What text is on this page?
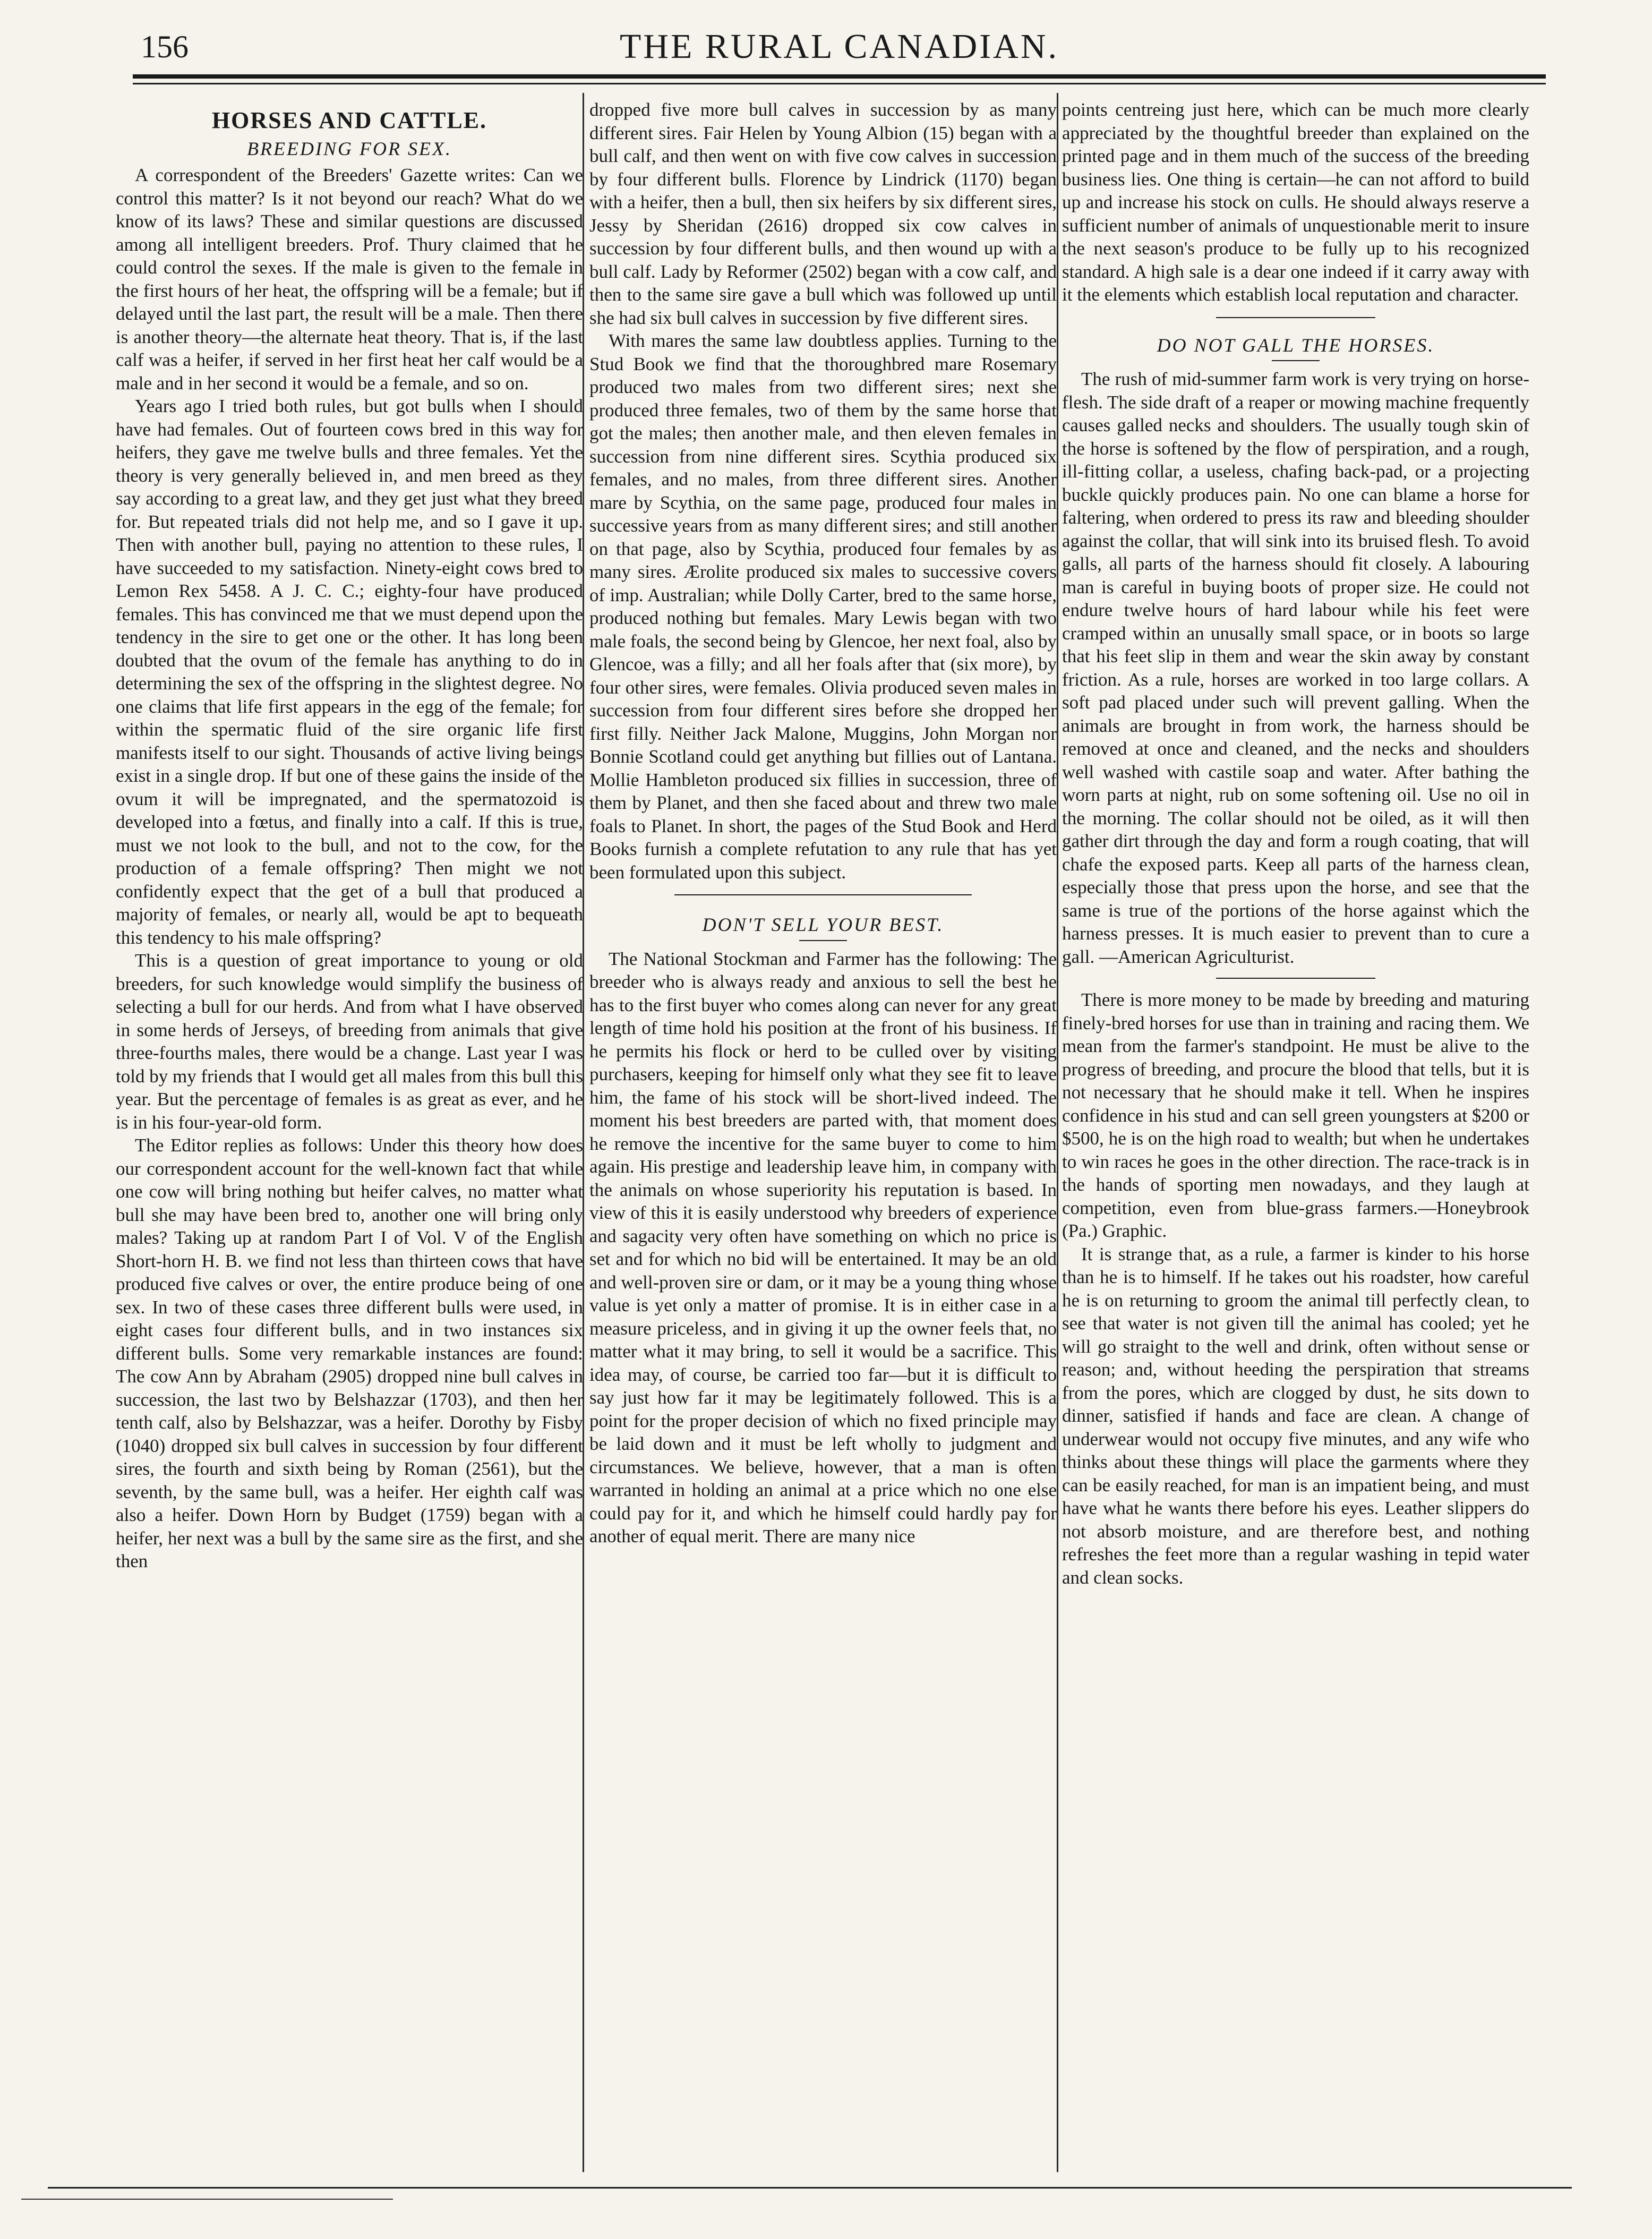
156	THE RURAL CANADIAN.
HORSES AND CATTLE.
BREEDING FOR SEX.

A correspondent of the Breeders' Gazette writes: Can we control this matter? Is it not beyond our reach? What do we know of its laws? These and similar questions are discussed among all intelligent breeders. Prof. Thury claimed that he could control the sexes. If the male is given to the female in the first hours of her heat, the offspring will be a female; but if delayed until the last part, the result will be a male. Then there is another theory—the alternate heat theory. That is, if the last calf was a heifer, if served in her first heat her calf would be a male and in her second it would be a female, and so on.

Years ago I tried both rules, but got bulls when I should have had females. Out of fourteen cows bred in this way for heifers, they gave me twelve bulls and three females. Yet the theory is very generally believed in, and men breed as they say according to a great law, and they get just what they breed for. But repeated trials did not help me, and so I gave it up. Then with another bull, paying no attention to these rules, I have succeeded to my satisfaction. Ninety-eight cows bred to Lemon Rex 5458. A J. C. C.; eighty-four have produced females. This has convinced me that we must depend upon the tendency in the sire to get one or the other. It has long been doubted that the ovum of the female has anything to do in determining the sex of the offspring in the slightest degree. No one claims that life first appears in the egg of the female; for within the spermatic fluid of the sire organic life first manifests itself to our sight. Thousands of active living beings exist in a single drop. If but one of these gains the inside of the ovum it will be impregnated, and the spermatozoid is developed into a fœtus, and finally into a calf. If this is true, must we not look to the bull, and not to the cow, for the production of a female offspring? Then might we not confidently expect that the get of a bull that produced a majority of females, or nearly all, would be apt to bequeath this tendency to his male offspring?

This is a question of great importance to young or old breeders, for such knowledge would simplify the business of selecting a bull for our herds. And from what I have observed in some herds of Jerseys, of breeding from animals that give three-fourths males, there would be a change. Last year I was told by my friends that I would get all males from this bull this year. But the percentage of females is as great as ever, and he is in his four-year-old form.

The Editor replies as follows: Under this theory how does our correspondent account for the well-known fact that while one cow will bring nothing but heifer calves, no matter what bull she may have been bred to, another one will bring only males? Taking up at random Part I of Vol. V of the English Short-horn H. B. we find not less than thirteen cows that have produced five calves or over, the entire produce being of one sex. In two of these cases three different bulls were used, in eight cases four different bulls, and in two instances six different bulls. Some very remarkable instances are found: The cow Ann by Abraham (2905) dropped nine bull calves in succession, the last two by Belshazzar (1703), and then her tenth calf, also by Belshazzar, was a heifer. Dorothy by Fisby (1040) dropped six bull calves in succession by four different sires, the fourth and sixth being by Roman (2561), but the seventh, by the same bull, was a heifer. Her eighth calf was also a heifer. Down Horn by Budget (1759) began with a heifer, her next was a bull by the same sire as the first, and she then

dropped five more bull calves in succession by as many different sires. Fair Helen by Young Albion (15) began with a bull calf, and then went on with five cow calves in succession by four different bulls. Florence by Lindrick (1170) began with a heifer, then a bull, then six heifers by six different sires, Jessy by Sheridan (2616) dropped six cow calves in succession by four different bulls, and then wound up with a bull calf. Lady by Reformer (2502) began with a cow calf, and then to the same sire gave a bull which was followed up until she had six bull calves in succession by five different sires.

With mares the same law doubtless applies. Turning to the Stud Book we find that the thoroughbred mare Rosemary produced two males from two different sires; next she produced three females, two of them by the same horse that got the males; then another male, and then eleven females in succession from nine different sires. Scythia produced six females, and no males, from three different sires. Another mare by Scythia, on the same page, produced four males in successive years from as many different sires; and still another on that page, also by Scythia, produced four females by as many sires. Ærolite produced six males to successive covers of imp. Australian; while Dolly Carter, bred to the same horse, produced nothing but females. Mary Lewis began with two male foals, the second being by Glencoe, her next foal, also by Glencoe, was a filly; and all her foals after that (six more), by four other sires, were females. Olivia produced seven males in succession from four different sires before she dropped her first filly. Neither Jack Malone, Muggins, John Morgan nor Bonnie Scotland could get anything but fillies out of Lantana. Mollie Hambleton produced six fillies in succession, three of them by Planet, and then she faced about and threw two male foals to Planet. In short, the pages of the Stud Book and Herd Books furnish a complete refutation to any rule that has yet been formulated upon this subject.

DON'T SELL YOUR BEST.

The National Stockman and Farmer has the following: The breeder who is always ready and anxious to sell the best he has to the first buyer who comes along can never for any great length of time hold his position at the front of his business. If he permits his flock or herd to be culled over by visiting purchasers, keeping for himself only what they see fit to leave him, the fame of his stock will be short-lived indeed. The moment his best breeders are parted with, that moment does he remove the incentive for the same buyer to come to him again. His prestige and leadership leave him, in company with the animals on whose superiority his reputation is based. In view of this it is easily understood why breeders of experience and sagacity very often have something on which no price is set and for which no bid will be entertained. It may be an old and well-proven sire or dam, or it may be a young thing whose value is yet only a matter of promise. It is in either case in a measure priceless, and in giving it up the owner feels that, no matter what it may bring, to sell it would be a sacrifice. This idea may, of course, be carried too far—but it is difficult to say just how far it may be legitimately followed. This is a point for the proper decision of which no fixed principle may be laid down and it must be left wholly to judgment and circumstances. We believe, however, that a man is often warranted in holding an animal at a price which no one else could pay for it, and which he himself could hardly pay for another of equal merit. There are many nice

points centreing just here, which can be much more clearly appreciated by the thoughtful breeder than explained on the printed page and in them much of the success of the breeding business lies. One thing is certain—he can not afford to build up and increase his stock on culls. He should always reserve a sufficient number of animals of unquestionable merit to insure the next season's produce to be fully up to his recognized standard. A high sale is a dear one indeed if it carry away with it the elements which establish local reputation and character.

DO NOT GALL THE HORSES.

The rush of mid-summer farm work is very trying on horse-flesh. The side draft of a reaper or mowing machine frequently causes galled necks and shoulders. The usually tough skin of the horse is softened by the flow of perspiration, and a rough, ill-fitting collar, a useless, chafing back-pad, or a projecting buckle quickly produces pain. No one can blame a horse for faltering, when ordered to press its raw and bleeding shoulder against the collar, that will sink into its bruised flesh. To avoid galls, all parts of the harness should fit closely. A labouring man is careful in buying boots of proper size. He could not endure twelve hours of hard labour while his feet were cramped within an unusally small space, or in boots so large that his feet slip in them and wear the skin away by constant friction. As a rule, horses are worked in too large collars. A soft pad placed under such will prevent galling. When the animals are brought in from work, the harness should be removed at once and cleaned, and the necks and shoulders well washed with castile soap and water. After bathing the worn parts at night, rub on some softening oil. Use no oil in the morning. The collar should not be oiled, as it will then gather dirt through the day and form a rough coating, that will chafe the exposed parts. Keep all parts of the harness clean, especially those that press upon the horse, and see that the same is true of the portions of the horse against which the harness presses. It is much easier to prevent than to cure a gall. —American Agriculturist.

There is more money to be made by breeding and maturing finely-bred horses for use than in training and racing them. We mean from the farmer's standpoint. He must be alive to the progress of breeding, and procure the blood that tells, but it is not necessary that he should make it tell. When he inspires confidence in his stud and can sell green youngsters at $200 or $500, he is on the high road to wealth; but when he undertakes to win races he goes in the other direction. The race-track is in the hands of sporting men nowadays, and they laugh at competition, even from blue-grass farmers.—Honeybrook (Pa.) Graphic.

It is strange that, as a rule, a farmer is kinder to his horse than he is to himself. If he takes out his roadster, how careful he is on returning to groom the animal till perfectly clean, to see that water is not given till the animal has cooled; yet he will go straight to the well and drink, often without sense or reason; and, without heeding the perspiration that streams from the pores, which are clogged by dust, he sits down to dinner, satisfied if hands and face are clean. A change of underwear would not occupy five minutes, and any wife who thinks about these things will place the garments where they can be easily reached, for man is an impatient being, and must have what he wants there before his eyes. Leather slippers do not absorb moisture, and are therefore best, and nothing refreshes the feet more than a regular washing in tepid water and clean socks.
